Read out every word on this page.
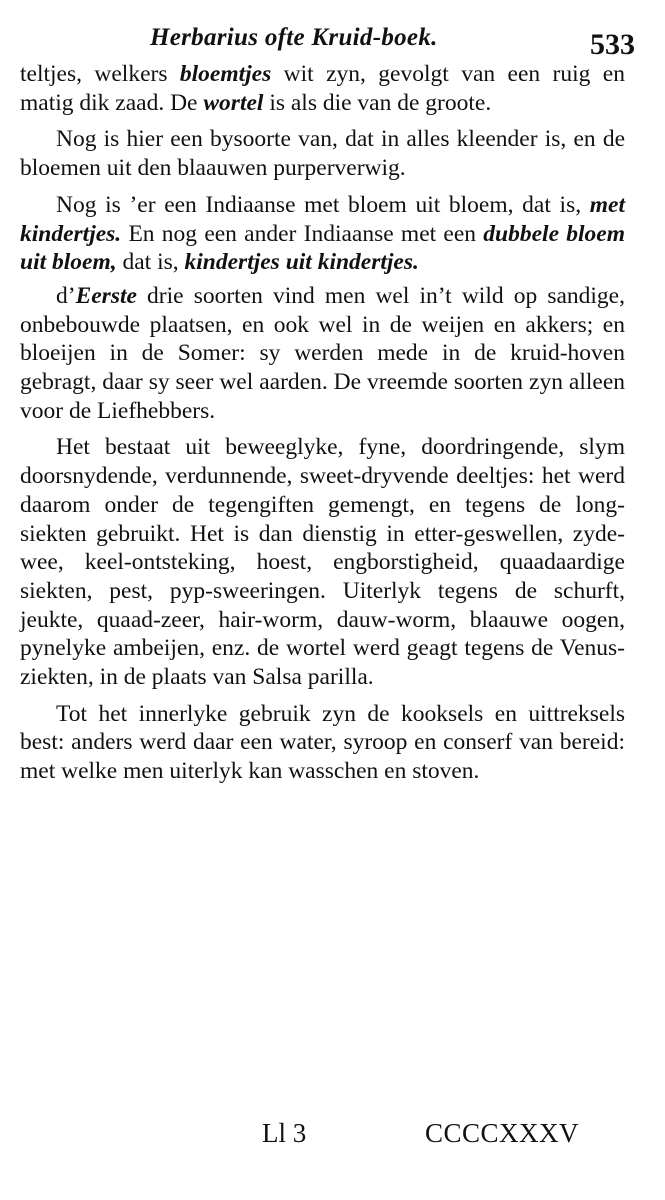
Herbarius ofte Kruid-boek.	533

teltjes, welkers bloemtjes wit zyn, gevolgt van een ruig en matig dik zaad. De wortel is als die van de groote.

Nog is hier een bysoorte van, dat in alles kleender is, en de bloemen uit den blaauwen purperverwig.

Nog is ’er een Indiaanse met bloem uit bloem, dat is, met kindertjes. En nog een ander Indiaanse met een dubbele bloem uit bloem, dat is, kindertjes uit kindertjes.

d’Eerste drie soorten vind men wel in’t wild op sandige, onbebouwde plaatsen, en ook wel in de weijen en akkers; en bloeijen in de Somer: sy werden mede in de kruid-hoven gebragt, daar sy seer wel aarden. De vreemde soorten zyn alleen voor de Liefhebbers.

Het bestaat uit beweeglyke, fyne, doordringende, slym doorsnydende, verdunnende, sweet-dryvende deeltjes: het werd daarom onder de tegengiften gemengt, en tegens de long-siekten gebruikt. Het is dan dienstig in etter-geswellen, zyde-wee, keel-ontsteking, hoest, engborstigheid, quaadaardige siekten, pest, pyp-sweeringen. Uiterlyk tegens de schurft, jeukte, quaad-zeer, hair-worm, dauw-worm, blaauwe oogen, pynelyke ambeijen, enz. de wortel werd geagt tegens de Venus-ziekten, in de plaats van Salsa parilla.

Tot het innerlyke gebruik zyn de kooksels en uittreksels best: anders werd daar een water, syroop en conserf van bereid: met welke men uiterlyk kan wasschen en stoven.

Ll 3	CCCCXXXV
